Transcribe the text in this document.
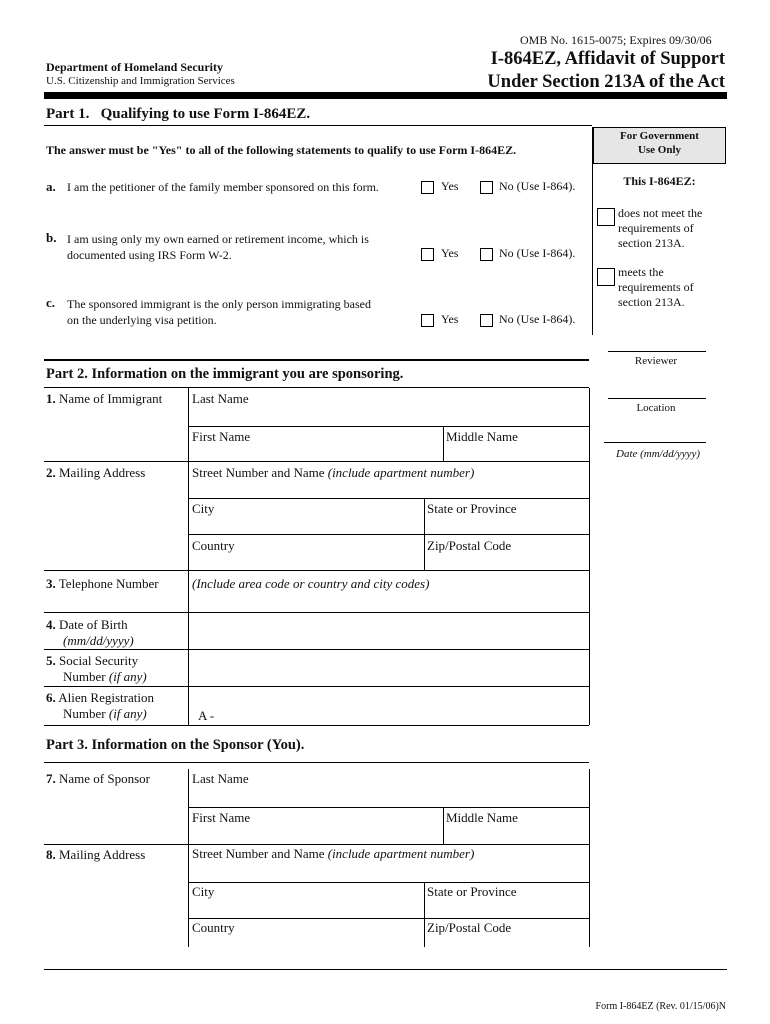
OMB No. 1615-0075; Expires 09/30/06
Department of Homeland Security
U.S. Citizenship and Immigration Services
I-864EZ, Affidavit of Support
Under Section 213A of the Act
Part 1.   Qualifying to use Form I-864EZ.
The answer must be "Yes" to all of the following statements to qualify to use Form I-864EZ.
a. I am the petitioner of the family member sponsored on this form.	Yes	No (Use I-864).
b. I am using only my own earned or retirement income, which is
documented using IRS Form W-2.	Yes	No (Use I-864).
c. The sponsored immigrant is the only person immigrating based
on the underlying visa petition.	Yes	No (Use I-864).
For Government
Use Only
This I-864EZ:
does not meet the
requirements of
section 213A.
meets the
requirements of
section 213A.
Reviewer
Location
Date (mm/dd/yyyy)
Part 2. Information on the immigrant you are sponsoring.
1. Name of Immigrant Last Name
First Name	Middle Name
2. Mailing Address	Street Number and Name (include apartment number)
City	State or Province
Country	Zip/Postal Code
3. Telephone Number	(Include area code or country and city codes)
4. Date of Birth
(mm/dd/yyyy)
5. Social Security
Number (if any)
6. Alien Registration
Number (if any)	A -
Part 3. Information on the Sponsor (You).
7. Name of Sponsor	Last Name
First Name	Middle Name
8. Mailing Address	Street Number and Name (include apartment number)
City	State or Province
Country	Zip/Postal Code
Form I-864EZ (Rev. 01/15/06)N
